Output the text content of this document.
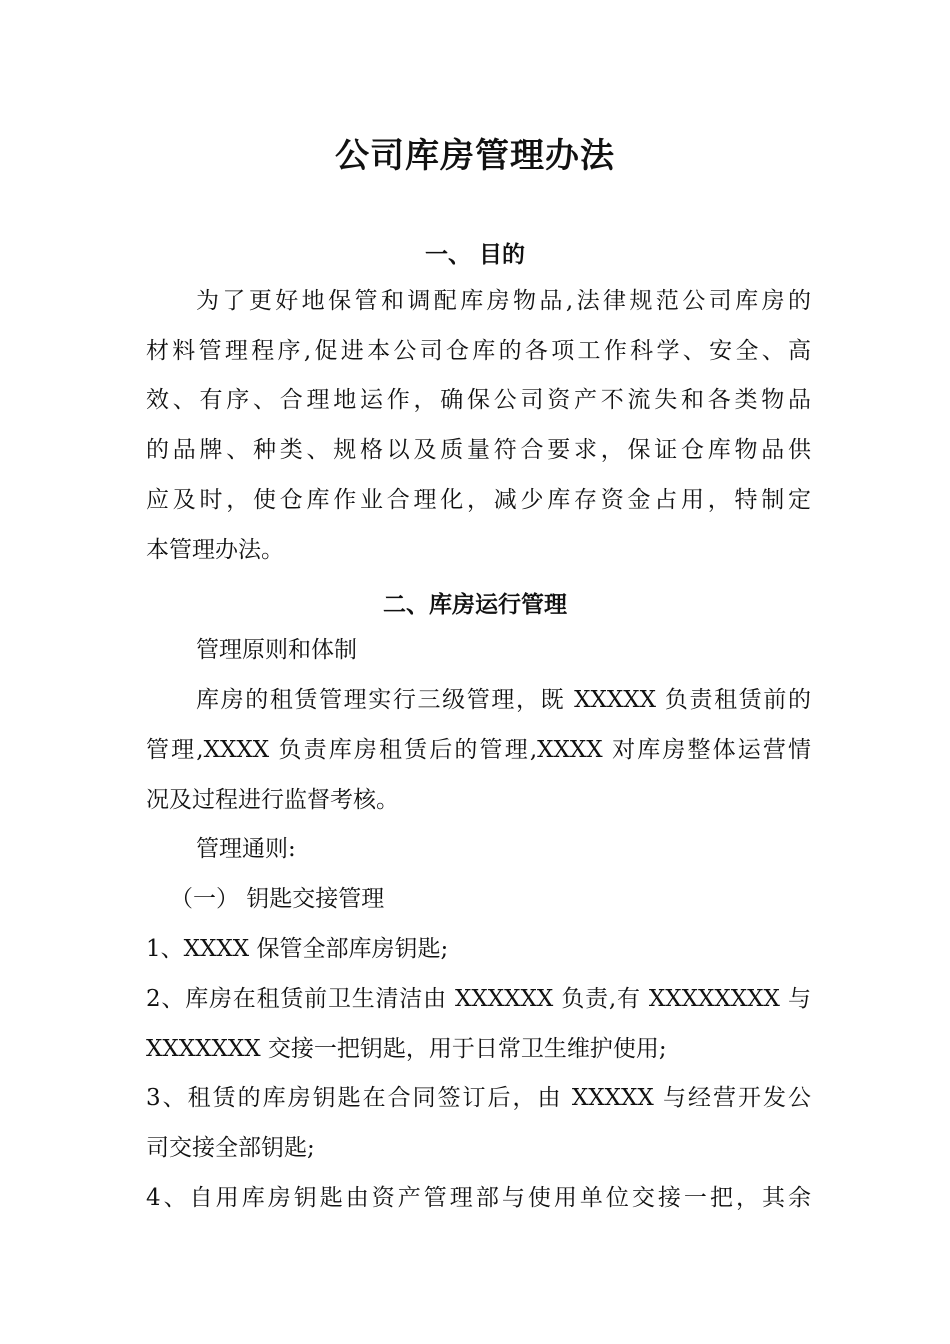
公司库房管理办法
一、 目的
为了更好地保管和调配库房物品,法律规范公司库房的
材料管理程序,促进本公司仓库的各项工作科学、安全、高
效、有序、合理地运作，确保公司资产不流失和各类物品
的品牌、种类、规格以及质量符合要求，保证仓库物品供
应及时，使仓库作业合理化，减少库存资金占用，特制定
本管理办法。
二、库房运行管理
管理原则和体制
库房的租赁管理实行三级管理，既 XXXXX 负责租赁前的
管理,XXXX 负责库房租赁后的管理,XXXX 对库房整体运营情
况及过程进行监督考核。
管理通则:
（一） 钥匙交接管理
1、XXXX 保管全部库房钥匙;
2、库房在租赁前卫生清洁由 XXXXXX 负责,有 XXXXXXXX 与
XXXXXXX 交接一把钥匙，用于日常卫生维护使用;
3、租赁的库房钥匙在合同签订后，由 XXXXX 与经营开发公
司交接全部钥匙;
4、自用库房钥匙由资产管理部与使用单位交接一把，其余
